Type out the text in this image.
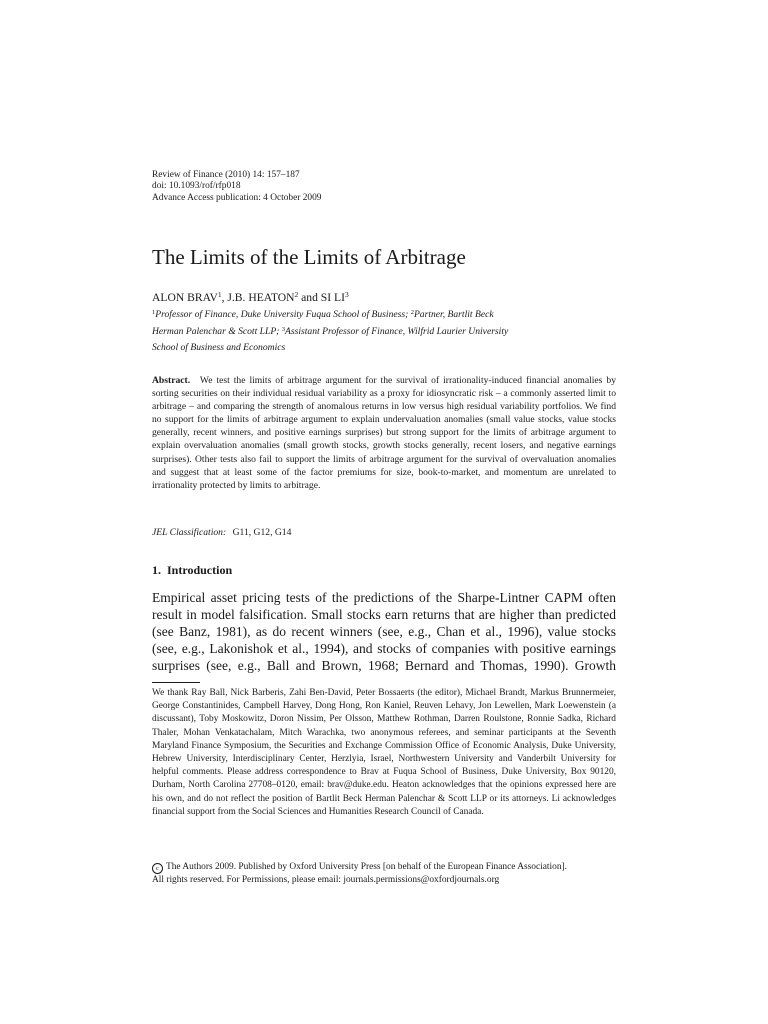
Review of Finance (2010) 14: 157–187
doi: 10.1093/rof/rfp018
Advance Access publication: 4 October 2009
The Limits of the Limits of Arbitrage
ALON BRAV$^1$, J.B. HEATON$^2$ and SI $LI^3$
$^1$Professor of Finance, Duke University Fuqua School of Business; $^2$Partner, Bartlit Beck
Herman Palenchar & Scott LLP; $^3$Assistant Professor of Finance, Wilfrid Laurier University
School of Business and Economics
Abstract. We test the limits of arbitrage argument for the survival of irrationality-induced financial anomalies by sorting securities on their individual residual variability as a proxy for idiosyncratic risk – a commonly asserted limit to arbitrage – and comparing the strength of anomalous returns in low versus high residual variability portfolios. We find no support for the limits of arbitrage argument to explain undervaluation anomalies (small value stocks, value stocks generally, recent winners, and positive earnings surprises) but strong support for the limits of arbitrage argument to explain overvaluation anomalies (small growth stocks, growth stocks generally, recent losers, and negative earnings surprises). Other tests also fail to support the limits of arbitrage argument for the survival of overvaluation anomalies and suggest that at least some of the factor premiums for size, book-to-market, and momentum are unrelated to irrationality protected by limits to arbitrage.
JEL Classification: G11, G12, G14
1. Introduction
Empirical asset pricing tests of the predictions of the Sharpe-Lintner CAPM often
result in model falsification. Small stocks earn returns that are higher than predicted
(see Banz, 1981), as do recent winners (see, e.g., Chan et al., 1996), value stocks
(see, e.g., Lakonishok et al., 1994), and stocks of companies with positive earnings
surprises (see, e.g., Ball and Brown, 1968; Bernard and Thomas, 1990). Growth
We thank Ray Ball, Nick Barberis, Zahi Ben-David, Peter Bossaerts (the editor), Michael Brandt, Markus Brunnermeier, George Constantinides, Campbell Harvey, Dong Hong, Ron Kaniel, Reuven Lehavy, Jon Lewellen, Mark Loewenstein (a discussant), Toby Moskowitz, Doron Nissim, Per Olsson, Matthew Rothman, Darren Roulstone, Ronnie Sadka, Richard Thaler, Mohan Venkatachalam, Mitch Warachka, two anonymous referees, and seminar participants at the Seventh Maryland Finance Symposium, the Securities and Exchange Commission Office of Economic Analysis, Duke University, Hebrew University, Interdisciplinary Center, Herzlyia, Israel, Northwestern University and Vanderbilt University for helpful comments. Please address correspondence to Brav at Fuqua School of Business, Duke University, Box 90120, Durham, North Carolina 27708–0120, email: brav@duke.edu. Heaton acknowledges that the opinions expressed here are his own, and do not reflect the position of Bartlit Beck Herman Palenchar & Scott LLP or its attorneys. Li acknowledges financial support from the Social Sciences and Humanities Research Council of Canada.
c The Authors 2009. Published by Oxford University Press [on behalf of the European Finance Association].
All rights reserved. For Permissions, please email: journals.permissions@oxfordjournals.org
